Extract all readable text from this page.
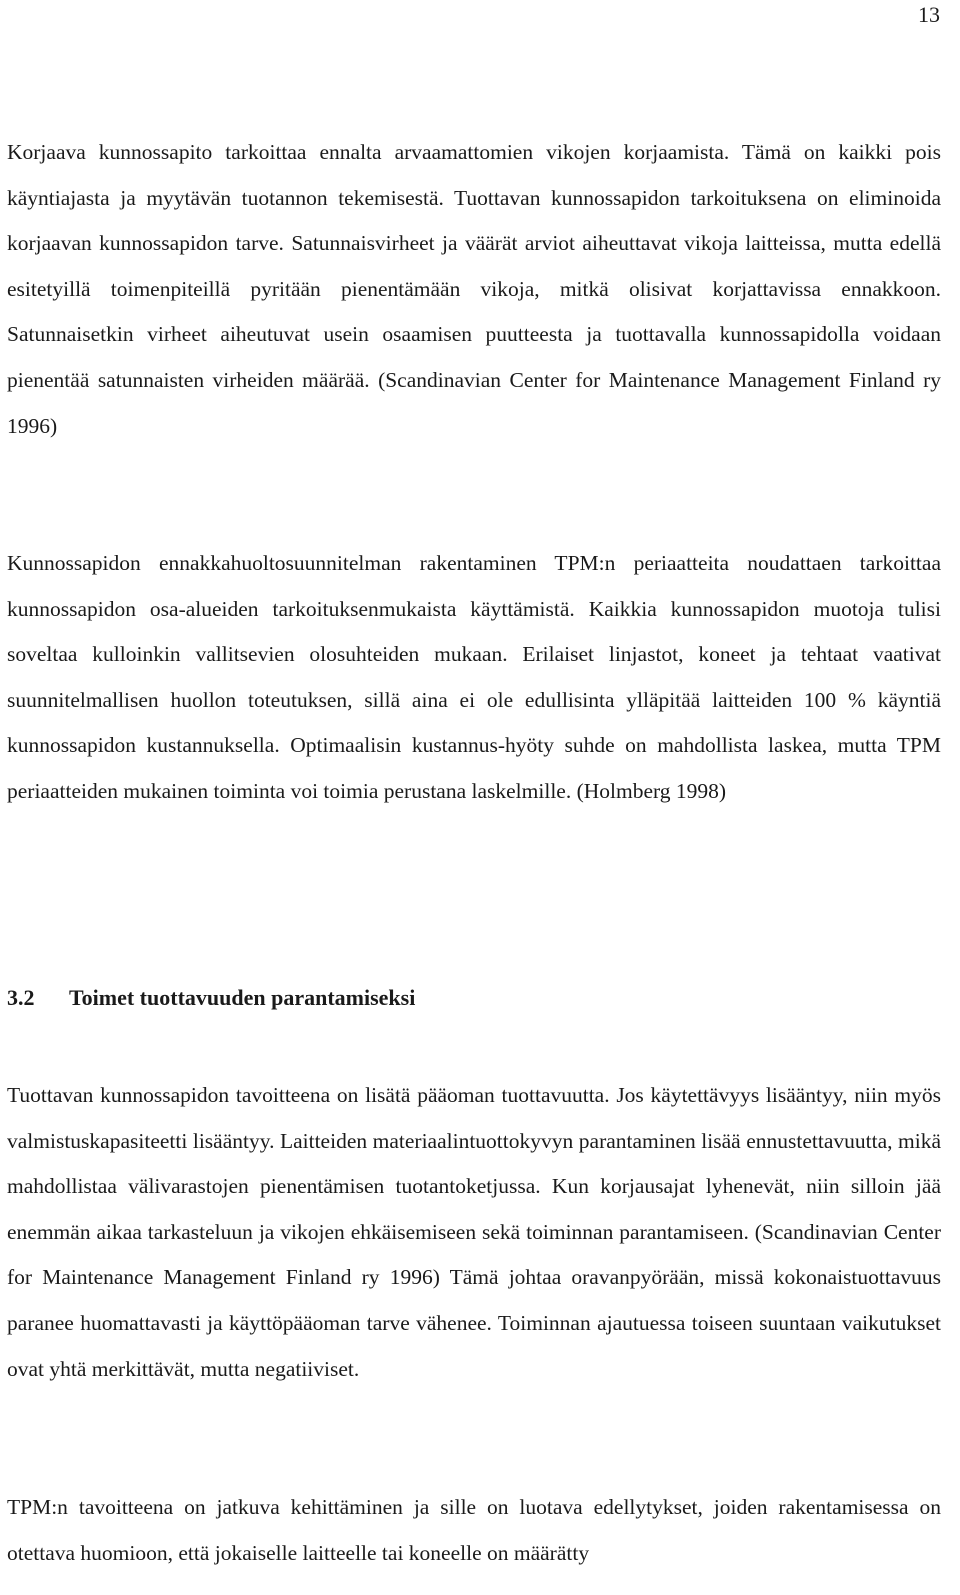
13

Korjaava kunnossapito tarkoittaa ennalta arvaamattomien vikojen korjaamista. Tämä on kaikki pois käyntiajasta ja myytävän tuotannon tekemisestä. Tuottavan kunnossapidon tarkoituksena on eliminoida korjaavan kunnossapidon tarve. Satunnaisvirheet ja väärät arviot aiheuttavat vikoja laitteissa, mutta edellä esitetyillä toimenpiteillä pyritään pienentämään vikoja, mitkä olisivat korjattavissa ennakkoon. Satunnaisetkin virheet aiheutuvat usein osaamisen puutteesta ja tuottavalla kunnossapidolla voidaan pienentää satunnaisten virheiden määrää. (Scandinavian Center for Maintenance Management Finland ry 1996)

Kunnossapidon ennakkahuoltosuunnitelman rakentaminen TPM:n periaatteita noudattaen tarkoittaa kunnossapidon osa-alueiden tarkoituksenmukaista käyttämistä. Kaikkia kunnossapidon muotoja tulisi soveltaa kulloinkin vallitsevien olosuhteiden mukaan. Erilaiset linjastot, koneet ja tehtaat vaativat suunnitelmallisen huollon toteutuksen, sillä aina ei ole edullisinta ylläpitää laitteiden 100 % käyntiä kunnossapidon kustannuksella. Optimaalisin kustannus-hyöty suhde on mahdollista laskea, mutta TPM periaatteiden mukainen toiminta voi toimia perustana laskelmille. (Holmberg 1998)

3.2 Toimet tuottavuuden parantamiseksi

Tuottavan kunnossapidon tavoitteena on lisätä pääoman tuottavuutta. Jos käytettävyys lisääntyy, niin myös valmistuskapasiteetti lisääntyy. Laitteiden materiaalintuottokyvyn parantaminen lisää ennustettavuutta, mikä mahdollistaa välivarastojen pienentämisen tuotantoketjussa. Kun korjausajat lyhenevät, niin silloin jää enemmän aikaa tarkasteluun ja vikojen ehkäisemiseen sekä toiminnan parantamiseen. (Scandinavian Center for Maintenance Management Finland ry 1996) Tämä johtaa oravanpyörään, missä kokonaistuottavuus paranee huomattavasti ja käyttöpääoman tarve vähenee. Toiminnan ajautuessa toiseen suuntaan vaikutukset ovat yhtä merkittävät, mutta negatiiviset.

TPM:n tavoitteena on jatkuva kehittäminen ja sille on luotava edellytykset, joiden rakentamisessa on otettava huomioon, että jokaiselle laitteelle tai koneelle on määrätty
